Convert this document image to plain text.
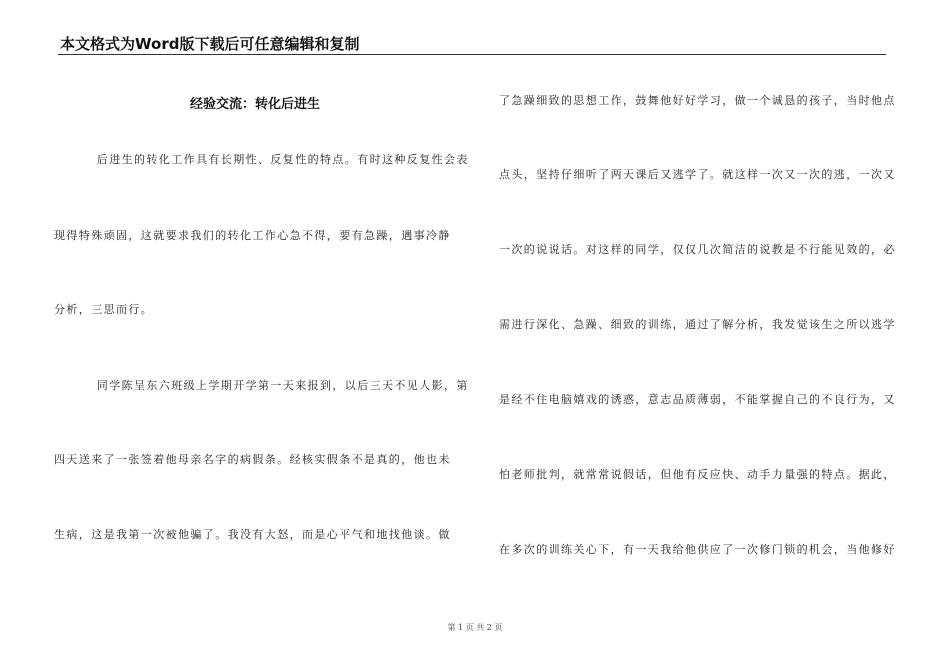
本文格式为Word版下载后可任意编辑和复制
经验交流：转化后进生
　　后进生的转化工作具有长期性、反复性的特点。有时这种反复性会表
现得特殊顽固，这就要求我们的转化工作心急不得，要有急躁，遇事冷静
分析，三思而行。
　　同学陈呈东六班级上学期开学第一天来报到，以后三天不见人影，第
四天送来了一张签着他母亲名字的病假条。经核实假条不是真的，他也未
生病，这是我第一次被他骗了。我没有大怒，而是心平气和地找他谈。做
了急躁细致的思想工作，鼓舞他好好学习，做一个诚恳的孩子，当时他点
点头，坚持仔细听了两天课后又逃学了。就这样一次又一次的逃，一次又
一次的说说话。对这样的同学，仅仅几次简洁的说教是不行能见效的，必
需进行深化、急躁、细致的训练，通过了解分析，我发觉该生之所以逃学
是经不住电脑嬉戏的诱惑，意志品质薄弱，不能掌握自己的不良行为，又
怕老师批判，就常常说假话，但他有反应快、动手力量强的特点。据此，
在多次的训练关心下，有一天我给他供应了一次修门锁的机会，当他修好
第 1 页 共 2 页
